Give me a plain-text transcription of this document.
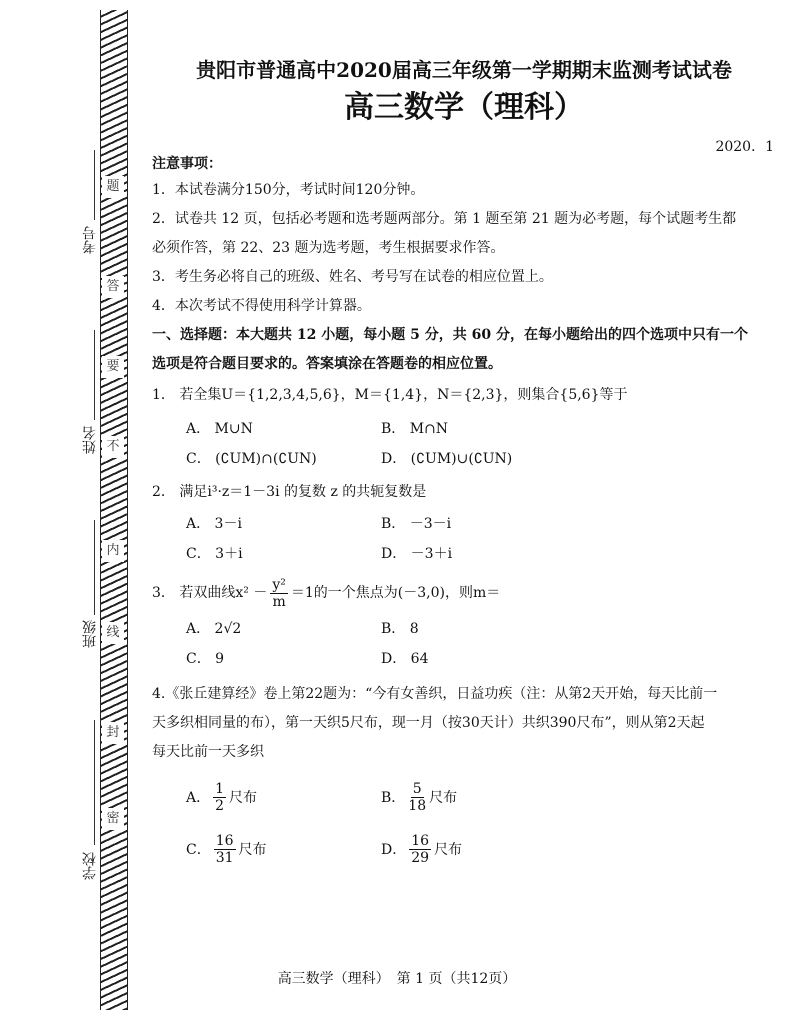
题
答
要
不
内
线
封
密
考号
姓名
班级
学校
贵阳市普通高中2020届高三年级第一学期期末监测考试试卷
高三数学（理科）
2020．1
注意事项：

1．本试卷满分150分，考试时间120分钟。

2．试卷共 12 页，包括必考题和选考题两部分。第 1 题至第 21 题为必考题，每个试题考生都

必须作答，第 22、23 题为选考题，考生根据要求作答。

3．考生务必将自己的班级、姓名、考号写在试卷的相应位置上。

4．本次考试不得使用科学计算器。

一、选择题：本大题共 12 小题，每小题 5 分，共 60 分，在每小题给出的四个选项中只有一个

选项是符合题目要求的。答案填涂在答题卷的相应位置。

1． 若全集U＝{1,2,3,4,5,6}，M＝{1,4}，N＝{2,3}，则集合{5,6}等于

A． M∪N	B． M∩N
C． (∁UM)∩(∁UN)	D． (∁UM)∪(∁UN)

2． 满足i³·z＝1－3i 的复数 z 的共轭复数是

A． 3－i	B． －3－i
C． 3＋i	D． －3＋i

3． 若双曲线$x^2 - \frac{\text{y²}}{m} =1$的一个焦点为(－3,0)，则m＝

A． 2√2	B． 8
C． 9	D． 64

4.《张丘建算经》卷上第22题为：“今有女善织，日益功疾（注：从第2天开始，每天比前一

天多织相同量的布），第一天织5尺布，现一月（按30天计）共织390尺布”，则从第2天起

每天比前一天多织

A． $\frac{1}{2}$ 尺布	B． $\frac{5}{18}$ 尺布
C． $\frac{16}{31}$ 尺布	D． $\frac{16}{29}$ 尺布
高三数学（理科）　第 1 页（共12页）
